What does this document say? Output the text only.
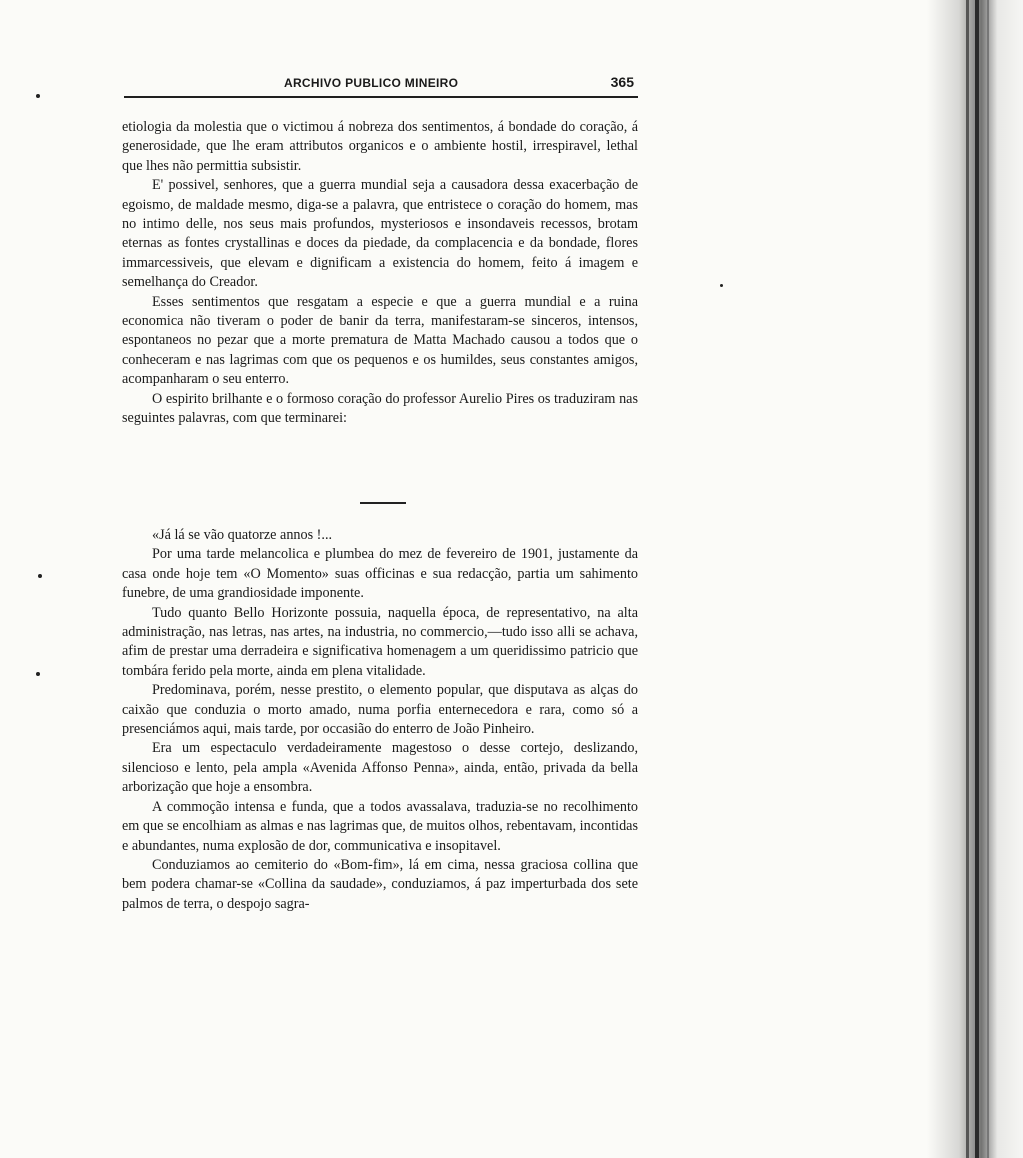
ARCHIVO PUBLICO MINEIRO	365

etiologia da molestia que o victimou á nobreza dos sentimentos, á bondade do coração, á generosidade, que lhe eram attributos organicos e o ambiente hostil, irrespiravel, lethal que lhes não permittia subsistir.

E' possivel, senhores, que a guerra mundial seja a causadora dessa exacerbação de egoismo, de maldade mesmo, diga-se a palavra, que entristece o coração do homem, mas no intimo delle, nos seus mais profundos, mysteriosos e insondaveis recessos, brotam eternas as fontes crystallinas e doces da piedade, da complacencia e da bondade, flores immarcessiveis, que elevam e dignificam a existencia do homem, feito á imagem e semelhança do Creador.

Esses sentimentos que resgatam a especie e que a guerra mundial e a ruina economica não tiveram o poder de banir da terra, manifestaram-se sinceros, intensos, espontaneos no pezar que a morte prematura de Matta Machado causou a todos que o conheceram e nas lagrimas com que os pequenos e os humildes, seus constantes amigos, acompanharam o seu enterro.

O espirito brilhante e o formoso coração do professor Aurelio Pires os traduziram nas seguintes palavras, com que terminarei:

«Já lá se vão quatorze annos !...

Por uma tarde melancolica e plumbea do mez de fevereiro de 1901, justamente da casa onde hoje tem «O Momento» suas officinas e sua redacção, partia um sahimento funebre, de uma grandiosidade imponente.

Tudo quanto Bello Horizonte possuia, naquella época, de representativo, na alta administração, nas letras, nas artes, na industria, no commercio,—tudo isso alli se achava, afim de prestar uma derradeira e significativa homenagem a um queridissimo patricio que tombára ferido pela morte, ainda em plena vitalidade.

Predominava, porém, nesse prestito, o elemento popular, que disputava as alças do caixão que conduzia o morto amado, numa porfia enternecedora e rara, como só a presenciámos aqui, mais tarde, por occasião do enterro de João Pinheiro.

Era um espectaculo verdadeiramente magestoso o desse cortejo, deslizando, silencioso e lento, pela ampla «Avenida Affonso Penna», ainda, então, privada da bella arborização que hoje a ensombra.

A commoção intensa e funda, que a todos avassalava, traduzia-se no recolhimento em que se encolhiam as almas e nas lagrimas que, de muitos olhos, rebentavam, incontidas e abundantes, numa explosão de dor, communicativa e insopitavel.

Conduziamos ao cemiterio do «Bom-fim», lá em cima, nessa graciosa collina que bem podera chamar-se «Collina da saudade», conduziamos, á paz imperturbada dos sete palmos de terra, o despojo sagra-
